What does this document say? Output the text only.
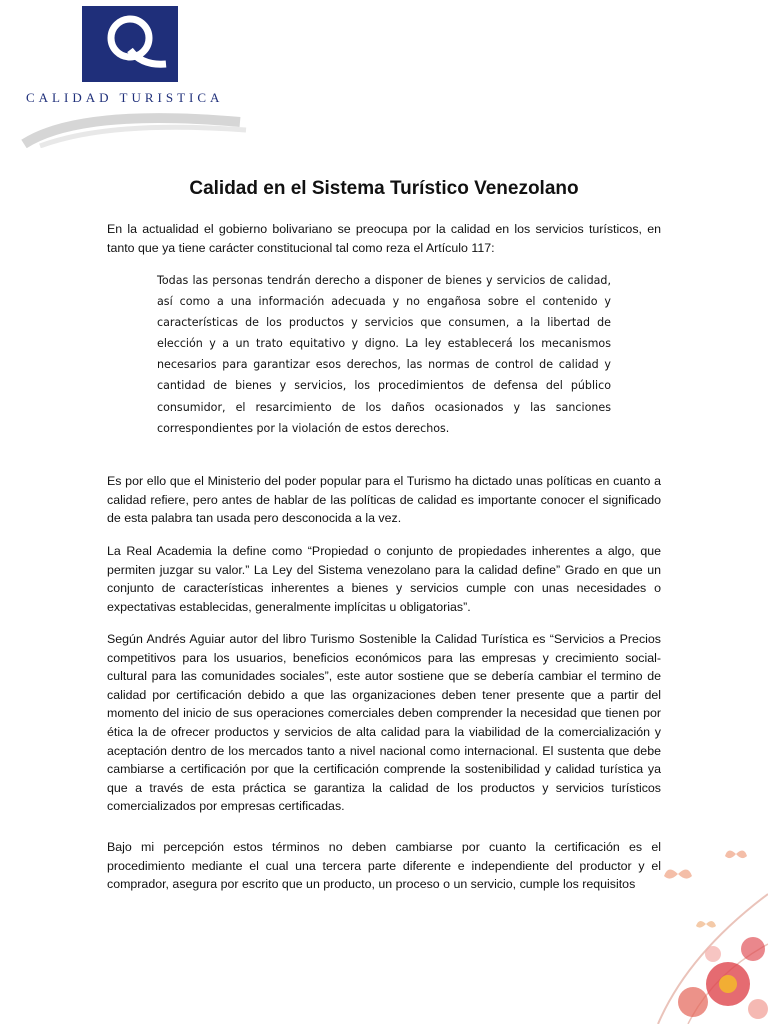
CALIDAD TURISTICA
Calidad en el Sistema Turístico Venezolano

En la actualidad el gobierno bolivariano se preocupa por la calidad en los servicios turísticos, en tanto que ya tiene carácter constitucional tal como reza el Artículo 117:

Todas las personas tendrán derecho a disponer de bienes y servicios de calidad, así como a una información adecuada y no engañosa sobre el contenido y características de los productos y servicios que consumen, a la libertad de elección y a un trato equitativo y digno. La ley establecerá los mecanismos necesarios para garantizar esos derechos, las normas de control de calidad y cantidad de bienes y servicios, los procedimientos de defensa del público consumidor, el resarcimiento de los daños ocasionados y las sanciones correspondientes por la violación de estos derechos.

Es por ello que el Ministerio del poder popular para el Turismo ha dictado unas políticas en cuanto a calidad refiere, pero antes de hablar de las políticas de calidad es importante conocer el significado de esta palabra tan usada pero desconocida a la vez.

La Real Academia la define como “Propiedad o conjunto de propiedades inherentes a algo, que permiten juzgar su valor.” La Ley del Sistema venezolano para la calidad define” Grado en que un conjunto de características inherentes a bienes y servicios cumple con unas necesidades o expectativas establecidas, generalmente implícitas u obligatorias”.

Según Andrés Aguiar autor del libro Turismo Sostenible la Calidad Turística es “Servicios a Precios competitivos para los usuarios, beneficios económicos para las empresas y crecimiento social-cultural para las comunidades sociales”, este autor sostiene que se debería cambiar el termino de calidad por certificación debido a que las organizaciones deben tener presente que a partir del momento del inicio de sus operaciones comerciales deben comprender la necesidad que tienen por ética la de ofrecer productos y servicios de alta calidad para la viabilidad de la comercialización y aceptación dentro de los mercados tanto a nivel nacional como internacional. El sustenta que debe cambiarse a certificación por que la certificación comprende la sostenibilidad y calidad turística ya que a través de esta práctica se garantiza la calidad de los productos y servicios turísticos comercializados por empresas certificadas.

Bajo mi percepción estos términos no deben cambiarse por cuanto la certificación es el procedimiento mediante el cual una tercera parte diferente e independiente del productor y el comprador, asegura por escrito que un producto, un proceso o un servicio, cumple los requisitos
